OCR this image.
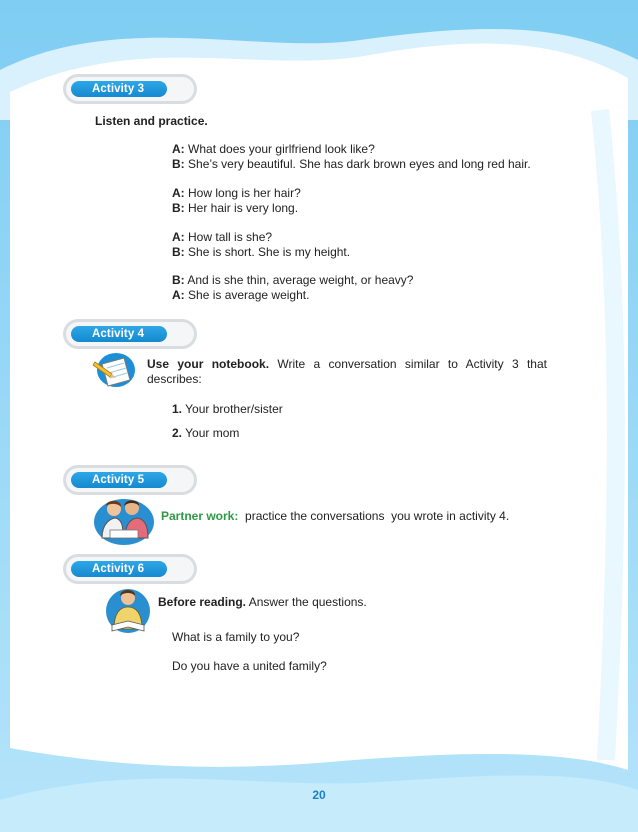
Activity 3
Listen and practice.
A: What does your girlfriend look like?
B: She’s very beautiful. She has dark brown eyes and long red hair.
A: How long is her hair?
B: Her hair is very long.
A: How tall is she?
B: She is short. She is my height.
B: And is she thin, average weight, or heavy?
A: She is average weight.
Activity 4
Use your notebook. Write a conversation similar to Activity 3 that describes:
1. Your brother/sister
2. Your mom
Activity 5
Partner work: practice the conversations  you wrote in activity 4.
Activity 6
Before reading. Answer the questions.
What is a family to you?
Do you have a united family?
20
